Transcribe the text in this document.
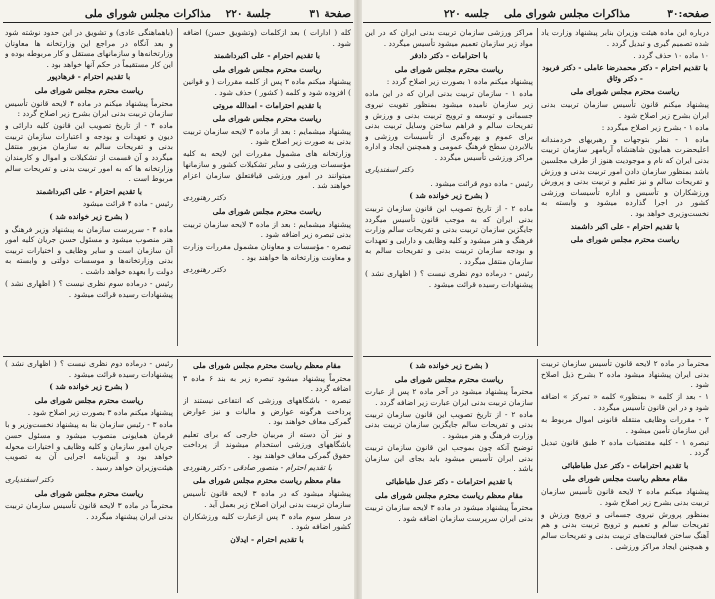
صفحة ٣١
جلسة ٢٢٠    مذاکرات مجلس شورای ملی

کله ( ادارات ) بعد ازکلمات (وتشویق حسن) اضافه شود .

با تقدیم احترام - علی اکبرداشمند

ریاست محترم مجلس شورای ملی

پیشنهاد میکنم ماده ۳ پس از کلمه مقررات ( و قوانین ) افزوده شود و کلمه ( کشور ) حذف شود .

با تقدیم احترامات - امدالله مروتی

ریاست محترم مجلس شورای ملی

پیشنهاد میشمایم : بعد از ماده ۳ لایحه سازمان تربیت بدنی به صورت زیر اصلاح شود .

وزارتخانه های مشمول مقررات این لایحه به کلیه مؤسسات ورزشی و سایر تشکیلات کشور و سازمانها میتوانند در امور ورزشی قیافتعلق سازمان اعزام خواهند شد .

دکتر رهنوردی

ریاست محترم مجلس شورای ملی

پیشنهاد میشمایم : بعد از ماده ۳ لایحه سازمان تربیت بدنی تبصره زیر اضافه شود .

تبصره - مؤسسات و معاونان مشمول مقررات وزارت و معاونت وزارتخانه ها خواهند بود .

دکتر رهنوردی

(باهماهنگی عادی) و تشویق در این حدود نوشته شود و بعد آنگاه در مراجع این وزارتخانه ها معاونان وزارتخانه‌ها و سازمانهای مستقل و کار مربوطه بوده و این کار مستقیماً در حکم آنها خواهد بود .

با تقدیم احترام - فرهادپور

ریاست محترم مجلس شورای ملی

محترماً پیشنهاد میکنم در ماده ۴ لایحه قانون تأسیس سازمان تربیت بدنی ایران بشرح زیر اصلاح گردد :

ماده ۴ - از تاریخ تصویب این قانون کلیه دارائی و دیون و تعهدات و بودجه و اعتبارات سازمان تربیت بدنی و تفریحات سالم به سازمان مزبور منتقل میگردد و آن قسمت از تشکیلات و اموال و کارمندان وزارتخانه ها که به امور تربیت بدنی و تفریحات سالم مربوط است .

با تقدیم احترام - علی اکبرداشمند

رئیس - ماده ۴ قرائت میشود

( بشرح زیر خوانده شد )

ماده ۴ - سرپرست سازمان به پیشنهاد وزیر فرهنگ و هنر منصوب میشود و مسئول حسن جریان کلیه امور آن سازمان است و سایر وظایف و اختیارات تربیت بدنی وزارتخانه‌ها و موسسات دولتی و وابسته به دولت را بعهده خواهد داشت .

رئیس - درماده سوم نظری نیست ؟ ( اظهاری نشد ) پیشنهادات رسیده قرائت میشود .

مقام معظم ریاست محترم مجلس شورای ملی

محترماً پیشنهاد میشود تبصره زیر به بند ۶ ماده ۳ اضافه گردد .

تبصره - باشگاههای ورزشی که انتفاعی نیستند از پرداخت هرگونه عوارض و مالیات و نیز عوارض گمرکی معاف خواهند بود .

و نیز آن دسته از مربیان خارجی که برای تعلیم باشگاههای ورزشی استخدام میشوند از پرداخت حقوق گمرکی معاف خواهند بود .

با تقدیم احترام - منصور صادقی - دکتر رهنوردی

مقام معظم ریاست محترم مجلس شورای ملی

پیشنهاد میشود که در ماده ۳ لایحه قانون تأسیس سازمان تربیت بدنی ایران اصلاح زیر بعمل آید .

در سطر سوم ماده ۳ پس ازعبارت کلیه ورزشکاران کشور اضافه شود .

با تقدیم احترام - ایدلان

رئیس - درماده دوم نظری نیست ؟ ( اظهاری نشد ) پیشنهادات رسیده قرائت میشود .

( بشرح زیر خوانده شد )

ریاست محترم مجلس شورای ملی

پیشنهاد میکنم ماده ۳ بصورت زیر اصلاح شود .

ماده ۳ - رئیس سازمان بنا به پیشنهاد نخست‌وزیر و با فرمان همایونی منصوب میشود و مسئول حسن جریان امور سازمان و کلیه وظایف و اختیارات محوله خواهد بود و آیین‌نامه اجرایی آن به تصویب هیئت‌وزیران خواهد رسید .

دکتر اسفندیاری

ریاست محترم مجلس شورای ملی

محترماً در ماده ۳ لایحه قانون تأسیس سازمان تربیت بدنی ایران پیشنهاد میگردد .

صفحه:٣٠
مذاکرات مجلس شورای ملی    جلسه ٢٢٠

درباره این ماده هیئت وزیران بنابر پیشنهاد وزارت یاد شده تصمیم گیری و تبدیل گردد .

۱۰ ماده ۱۰ حذف گردد .

با تقدیم احترام - دکتر محمدرضا عاملی - دکتر فربود - دکتر وثاق

ریاست محترم مجلس شورای ملی

پیشنهاد میکنم قانون تأسیس سازمان تربیت بدنی ایران بشرح زیر اصلاح شود .

ماده ۱ - بشرح زیر اصلاح میگردد :

ماده ۱ - نظر بتوجهات و رهبریهای خردمندانه اعلیحضرت همایون شاهنشاه آریامهر سازمان تربیت بدنی ایران که نام و موجودیت هنوز از طرف مجلسین باشد بمنظور سازمان دادن امور تربیت بدنی و ورزش و تفریحات سالم و نیز تعلیم و تربیت بدنی و پرورش ورزشکاران و تأسیس و اداره تأسیسات ورزشی کشور در اجرا گذارده میشود و وابسته به نخست‌وزیری خواهد بود .

با تقدیم احترام - علی اکبر داشمند

ریاست محترم مجلس شورای ملی

مراکز ورزشی سازمان تربیت بدنی ایران که در این مواد زیر سازمان تعمیم میشود تأسیس میگردد .

با احترامات - دکتر دادفر

ریاست محترم مجلس شورای ملی

پیشنهاد میکنم ماده ۱ بصورت زیر اصلاح گردد :

ماده ۱ - سازمان تربیت بدنی ایران که در این ماده زیر سازمان نامیده میشود بمنظور تقویت نیروی جسمانی و توسعه و ترویج تربیت بدنی و ورزش و تفریحات سالم و فراهم ساختن وسایل تربیت بدنی برای عموم و بهره‌گیری از تأسیسات ورزشی و بالابردن سطح فرهنگ عمومی و همچنین ایجاد و اداره مراکز ورزشی تأسیس میگردد .

دکتر اسفندیاری

رئیس - ماده دوم قرائت میشود .

( بشرح زیر خوانده شد )

ماده ۲ - از تاریخ تصویب این قانون سازمان تربیت بدنی ایران که به موجب قانون تأسیس میگردد جایگزین سازمان تربیت بدنی و تفریحات سالم وزارت فرهنگ و هنر میشود و کلیه وظایف و دارایی و تعهدات و بودجه سازمان تربیت بدنی و تفریحات سالم به سازمان منتقل میگردد .

رئیس - درماده دوم نظری نیست ؟ ( اظهاری نشد ) پیشنهادات رسیده قرائت میشود .

محترماً در ماده ۲ لایحه قانون تأسیس سازمان تربیت بدنی ایران پیشنهاد میشود ماده ۲ بشرح ذیل اصلاح شود .

۱ - بعد از کلمه « بمنظور» کلمه « تمرکز » اضافه شود و در این قانون تأسیس میگردد .

۲ - مقررات وظایف منتقله قانونی اموال مربوط به این سازمان تأمین میشود .

تبصره ۱ - کلیه مقتضیات ماده ۲ طبق قانون تبدیل گردد .

با تقدیم احترامات - دکتر عدل طباطبائی

مقام معظم ریاست مجلس شورای ملی

پیشنهاد میکنم ماده ۲ لایحه قانون تأسیس سازمان تربیت بدنی بشرح زیر اصلاح شود .

بمنظور پرورش نیروی جسمانی و ترویج ورزش و تفریحات سالم و تعمیم و ترویج تربیت بدنی و هم آهنگ ساختن فعالیت‌های تربیت بدنی و تفریحات سالم و همچنین ایجاد مراکز ورزشی .

( بشرح زیر خوانده شد )

ریاست محترم مجلس شورای ملی

محترماً پیشنهاد میشود در آخر ماده ۲ پس از عبارت سازمان تربیت بدنی ایران عبارت زیر اضافه گردد .

ماده ۲ - از تاریخ تصویب این قانون سازمان تربیت بدنی و تفریحات سالم جایگزین سازمان تربیت بدنی وزارت فرهنگ و هنر میشود .

توضیح آنکه چون بموجب این قانون سازمان تربیت بدنی ایران تأسیس میشود باید بجای این سازمان باشد .

با تقدیم احترامات - دکتر عدل طباطبائی

مقام معظم ریاست محترم مجلس شورای ملی

محترماً پیشنهاد میشود در ماده ۳ لایحه سازمان تربیت بدنی ایران سرپرست سازمان اضافه شود .
